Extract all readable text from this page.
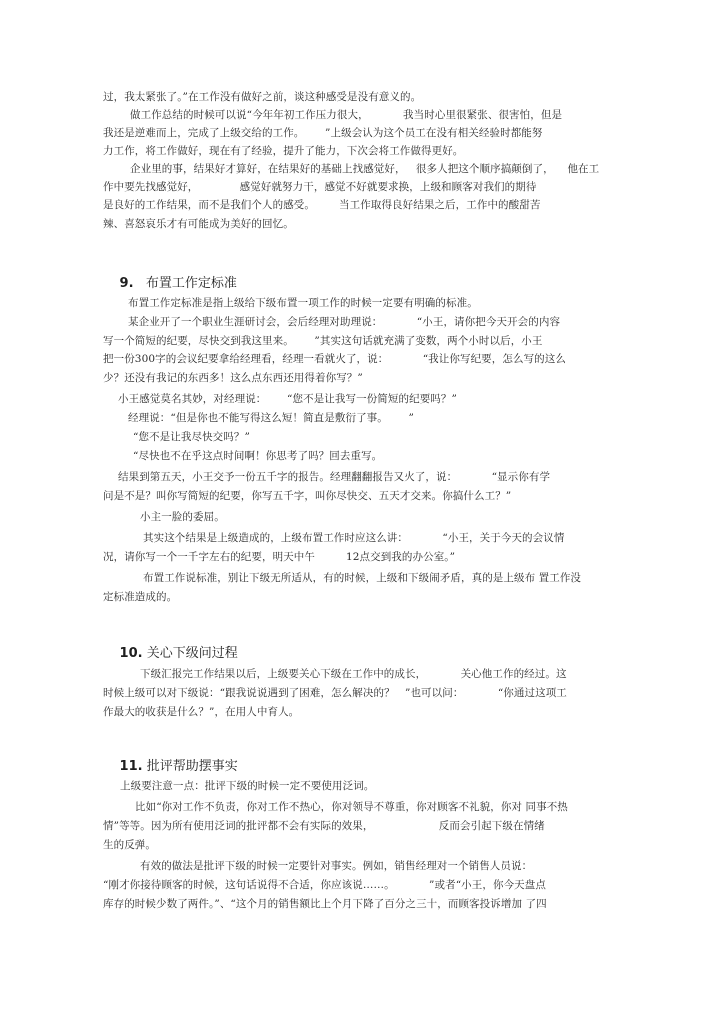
过，我太紧张了。”在工作没有做好之前，谈这种感受是没有意义的。
做工作总结的时候可以说“今年年初工作压力很大，          我当时心里很紧张、很害怕，但是
我还是逆难而上，完成了上级交给的工作。      ”上级会认为这个员工在没有相关经验时都能努
力工作，将工作做好，现在有了经验，提升了能力，下次会将工作做得更好。
企业里的事，结果好才算好，在结果好的基础上找感觉好，   很多人把这个顺序搞颠倒了，    他在工
作中要先找感觉好，            感觉好就努力干，感觉不好就要求换，上级和顾客对我们的期待
是良好的工作结果，而不是我们个人的感受。       当工作取得良好结果之后，工作中的酸甜苦
辣、喜怒哀乐才有可能成为美好的回忆。

9. 布置工作定标准

布置工作定标准是指上级给下级布置一项工作的时候一定要有明确的标准。
某企业开了一个职业生涯研讨会，会后经理对助理说：          “小王，请你把今天开会的内容
写一个简短的纪要，尽快交到我这里来。      ”其实这句话就充满了变数，两个小时以后，小王
把一份300字的会议纪要拿给经理看，经理一看就火了，说：          “我让你写纪要，怎么写的这么
少？还没有我记的东西多！这么点东西还用得着你写？”
小王感觉莫名其妙，对经理说：      “您不是让我写一份简短的纪要吗？”
经理说：“但是你也不能写得这么短！简直是敷衍了事。      ”
“您不是让我尽快交吗？”
“尽快也不在乎这点时间啊！你思考了吗？回去重写。
结果到第五天，小王交予一份五千字的报告。经理翻翻报告又火了，说：          “显示你有学
问是不是？叫你写简短的纪要，你写五千字，叫你尽快交、五天才交来。你搞什么工？”
小主一脸的委屈。
其实这个结果是上级造成的，上级布置工作时应这么讲：          “小王，关于今天的会议情
况，请你写一个一千字左右的纪要，明天中午         12点交到我的办公室。”
布置工作说标准，别让下级无所适从，有的时候，上级和下级闹矛盾，真的是上级布 置工作没
定标准造成的。

10. 关心下级问过程

下级汇报完工作结果以后，上级要关心下级在工作中的成长，          关心他工作的经过。这
时候上级可以对下级说：“跟我说说遇到了困难，怎么解决的？   ”也可以问：          “你通过这项工
作最大的收获是什么？”，在用人中育人。

11. 批评帮助摆事实

上级要注意一点：批评下级的时候一定不要使用泛词。
比如“你对工作不负责，你对工作不热心，你对领导不尊重，你对顾客不礼貌，你对 同事不热
情”等等。因为所有使用泛词的批评都不会有实际的效果，                   反而会引起下级在情绪
生的反弹。
有效的做法是批评下级的时候一定要针对事实。例如，销售经理对一个销售人员说：
“刚才你接待顾客的时候，这句话说得不合适，你应该说……。          ”或者“小王，你今天盘点
库存的时候少数了两件。”、“这个月的销售额比上个月下降了百分之三十，而顾客投诉增加 了四
